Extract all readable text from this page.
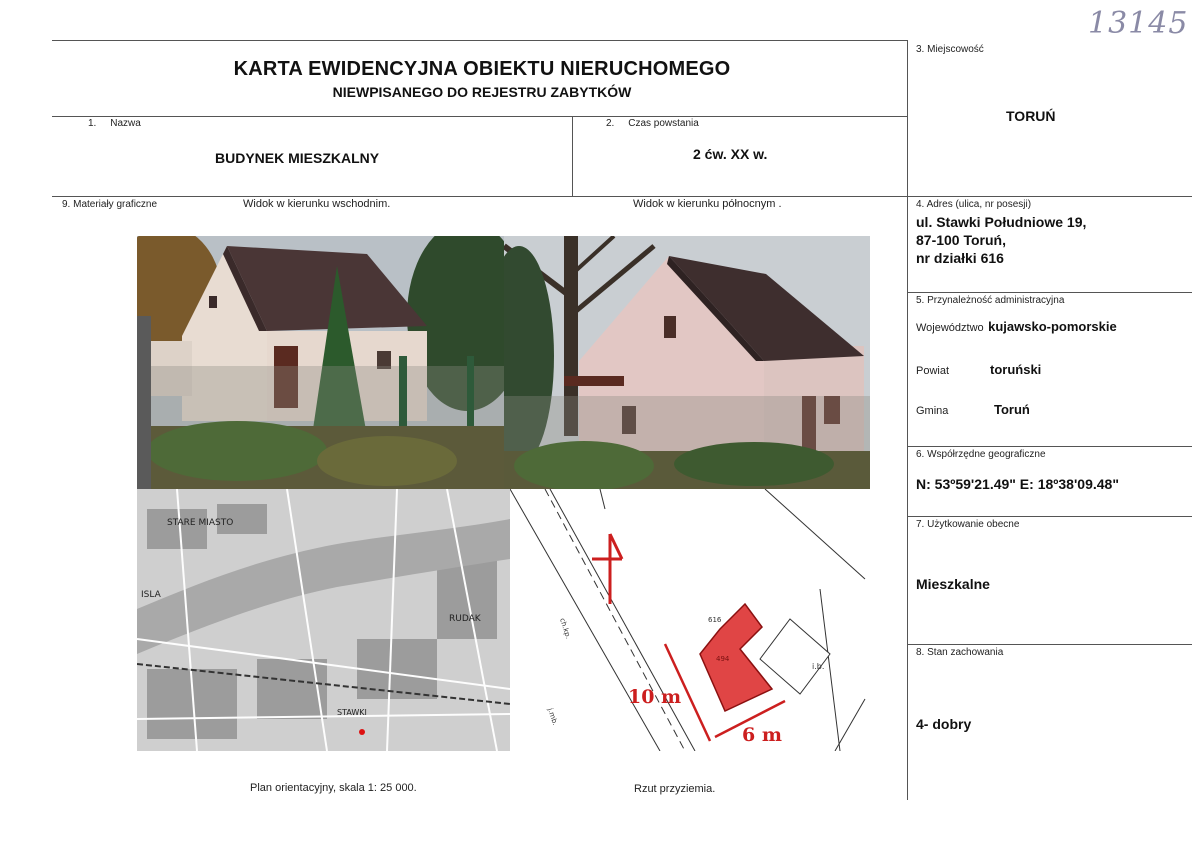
13145
KARTA EWIDENCYJNA OBIEKTU NIERUCHOMEGO
NIEWPISANEGO DO REJESTRU ZABYTKÓW
1. Nazwa
BUDYNEK MIESZKALNY
2. Czas powstania
2 ćw. XX w.
3. Miejscowość
TORUŃ
9. Materiały graficzne	Widok w kierunku wschodnim.	Widok w kierunku północnym .	4. Adres (ulica, nr posesji)
ul. Stawki Południowe 19,
87-100 Toruń,
nr działki 616
5. Przynależność administracyjna
Województwo kujawsko-pomorskie
Powiat	toruński
Gmina	Toruń
6. Współrzędne geograficzne
N: 53º59'21.49" E: 18º38'09.48"
7. Użytkowanie obecne
Mieszkalne
8. Stan zachowania
4- dobry
STARE MIASTO
RUDAK
STAWKI
ISLA
ch.kp.
j.mb.
i.b.
616
494
10 m
6 m
Plan orientacyjny, skala 1: 25 000.	Rzut przyziemia.
